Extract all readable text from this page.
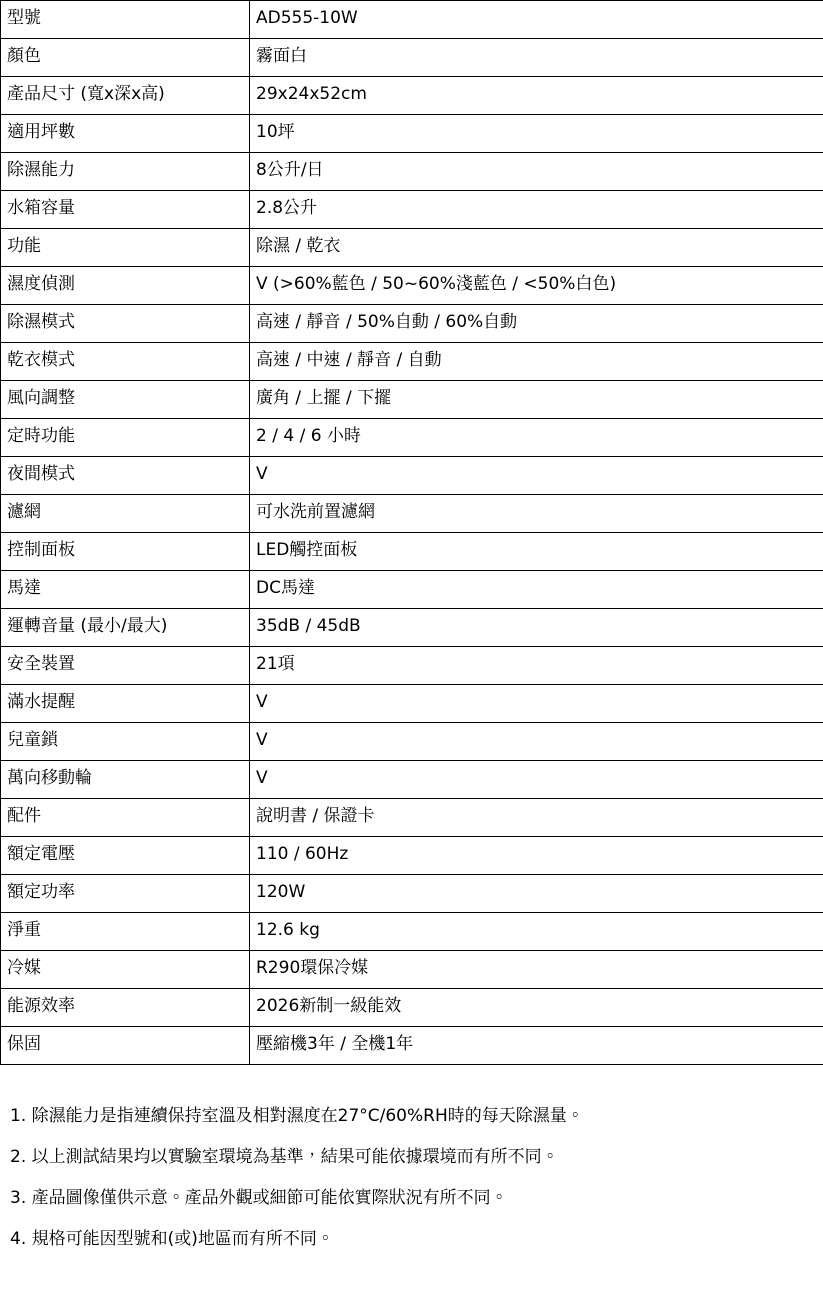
型號	AD555-10W
顏色	霧面白
產品尺寸 (寬x深x高)	29x24x52cm
適用坪數	10坪
除濕能力	8公升/日
水箱容量	2.8公升
功能	除濕 / 乾衣
濕度偵測	V (>60%藍色 / 50~60%淺藍色 / <50%白色)
除濕模式	高速 / 靜音 / 50%自動 / 60%自動
乾衣模式	高速 / 中速 / 靜音 / 自動
風向調整	廣角 / 上擺 / 下擺
定時功能	2 / 4 / 6 小時
夜間模式	V
濾網	可水洗前置濾網
控制面板	LED觸控面板
馬達	DC馬達
運轉音量 (最小/最大)	35dB / 45dB
安全裝置	21項
滿水提醒	V
兒童鎖	V
萬向移動輪	V
配件	說明書 / 保證卡
額定電壓	110 / 60Hz
額定功率	120W
淨重	12.6 kg
冷媒	R290環保冷媒
能源效率	2026新制一級能效
保固	壓縮機3年 / 全機1年
1. 除濕能力是指連續保持室溫及相對濕度在27°C/60%RH時的每天除濕量。
2. 以上測試結果均以實驗室環境為基準，結果可能依據環境而有所不同。
3. 產品圖像僅供示意。產品外觀或細節可能依實際狀況有所不同。
4. 規格可能因型號和(或)地區而有所不同。
